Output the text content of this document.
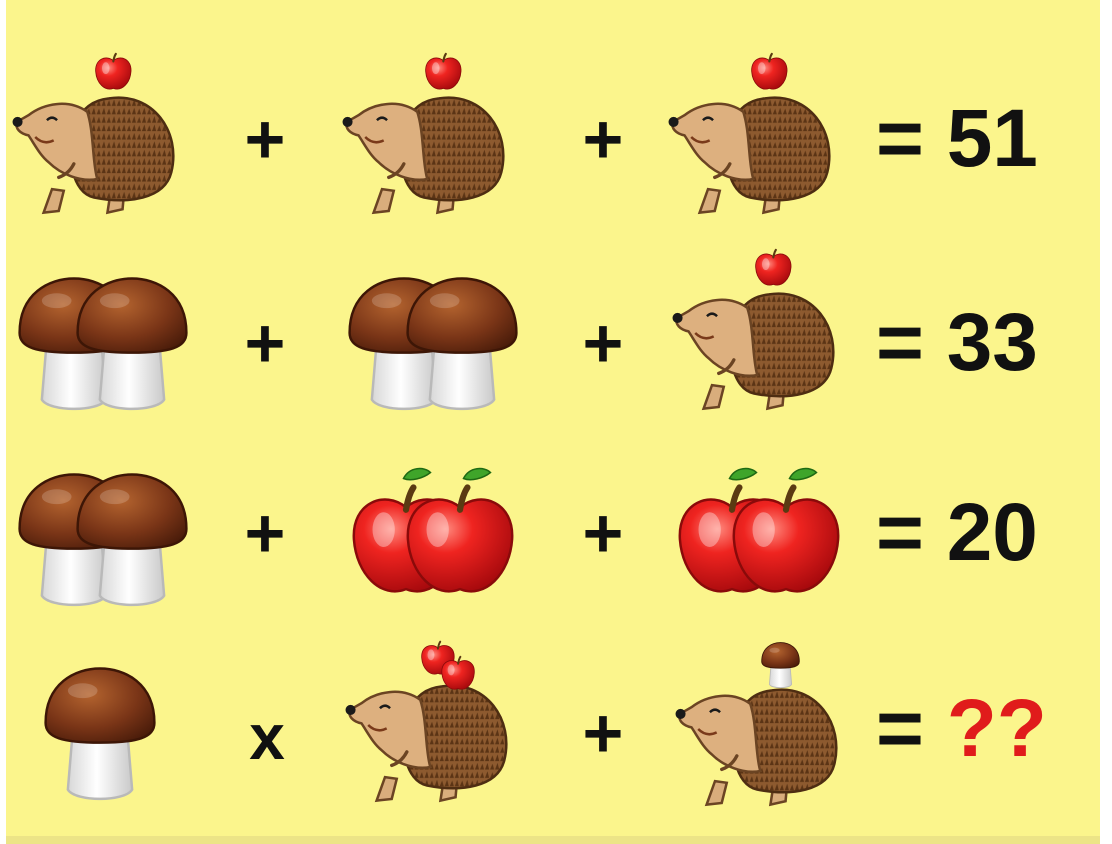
+	+	= 51
+	+	= 33
+	+	= 20
x	+	= ??
